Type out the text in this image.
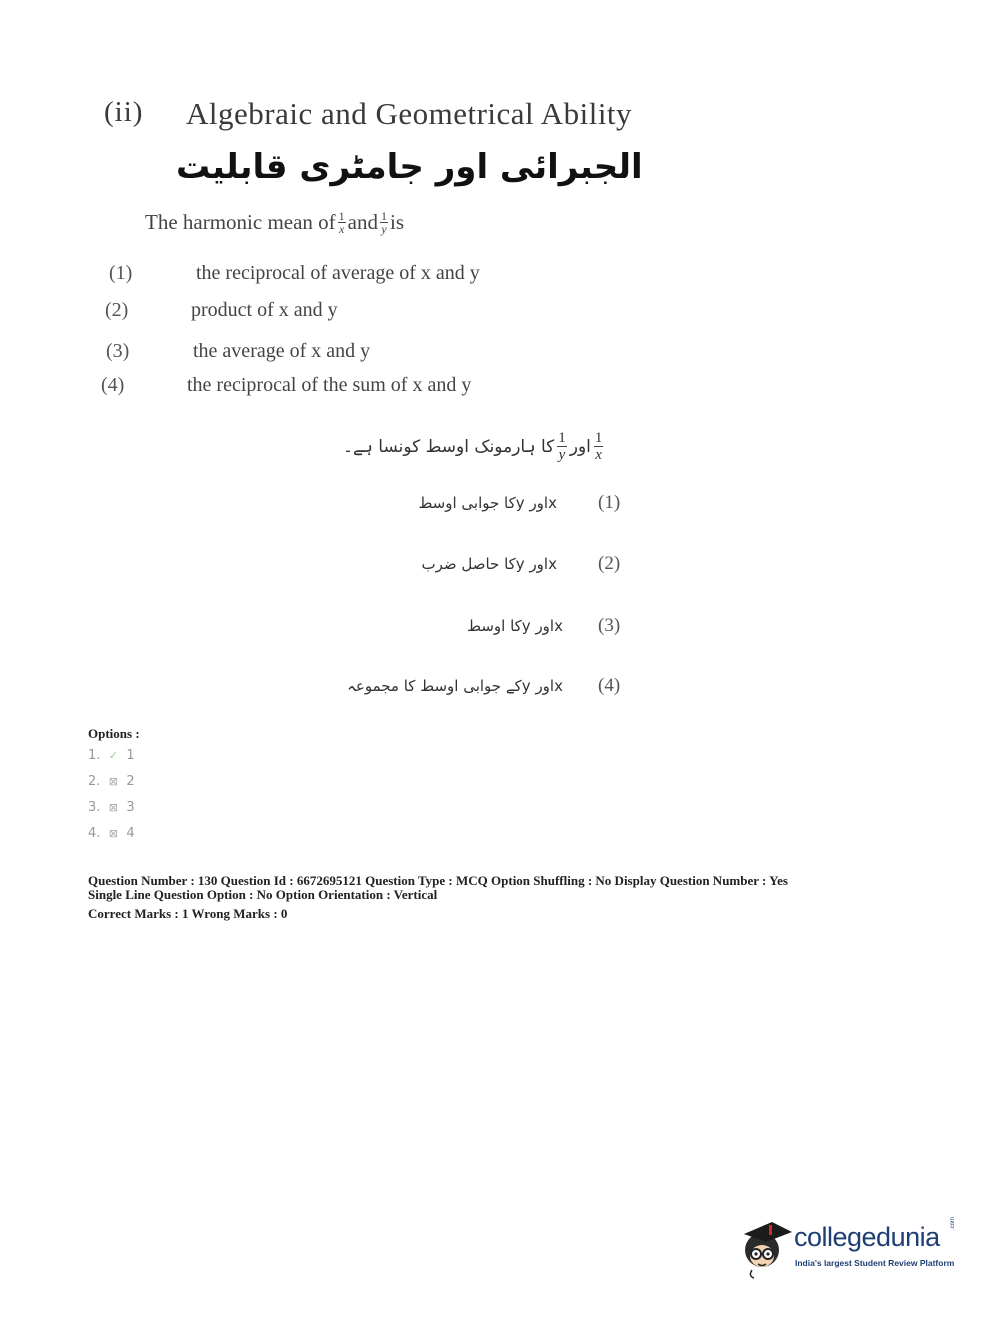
(ii) Algebraic and Geometrical Ability
الجبرائی اور جامٹری قابلیت
The harmonic mean of $\frac{1}{x}$ and $\frac{1}{y}$ is
(1)	the reciprocal of average of x and y
(2)	product of x and y
(3)	the average of x and y
(4)	the reciprocal of the sum of x and y
کا ہارمونک اوسط کونسا ہے۔ $\frac{1}{y}$ اور $\frac{1}{x}$
xاور yکا جوابی اوسط (1)
xاور yکا حاصل ضرب (2)
xاور yکا اوسط (3)
xاور yکے جوابی اوسط کا مجموعہ (4)
Options :
1. ✓ 1
2. ⊠ 2
3. ⊠ 3
4. ⊠ 4
Question Number : 130 Question Id : 6672695121 Question Type : MCQ Option Shuffling : No Display Question Number : Yes
Single Line Question Option : No Option Orientation : Vertical
Correct Marks : 1 Wrong Marks : 0
collegedunia .com
India's largest Student Review Platform
